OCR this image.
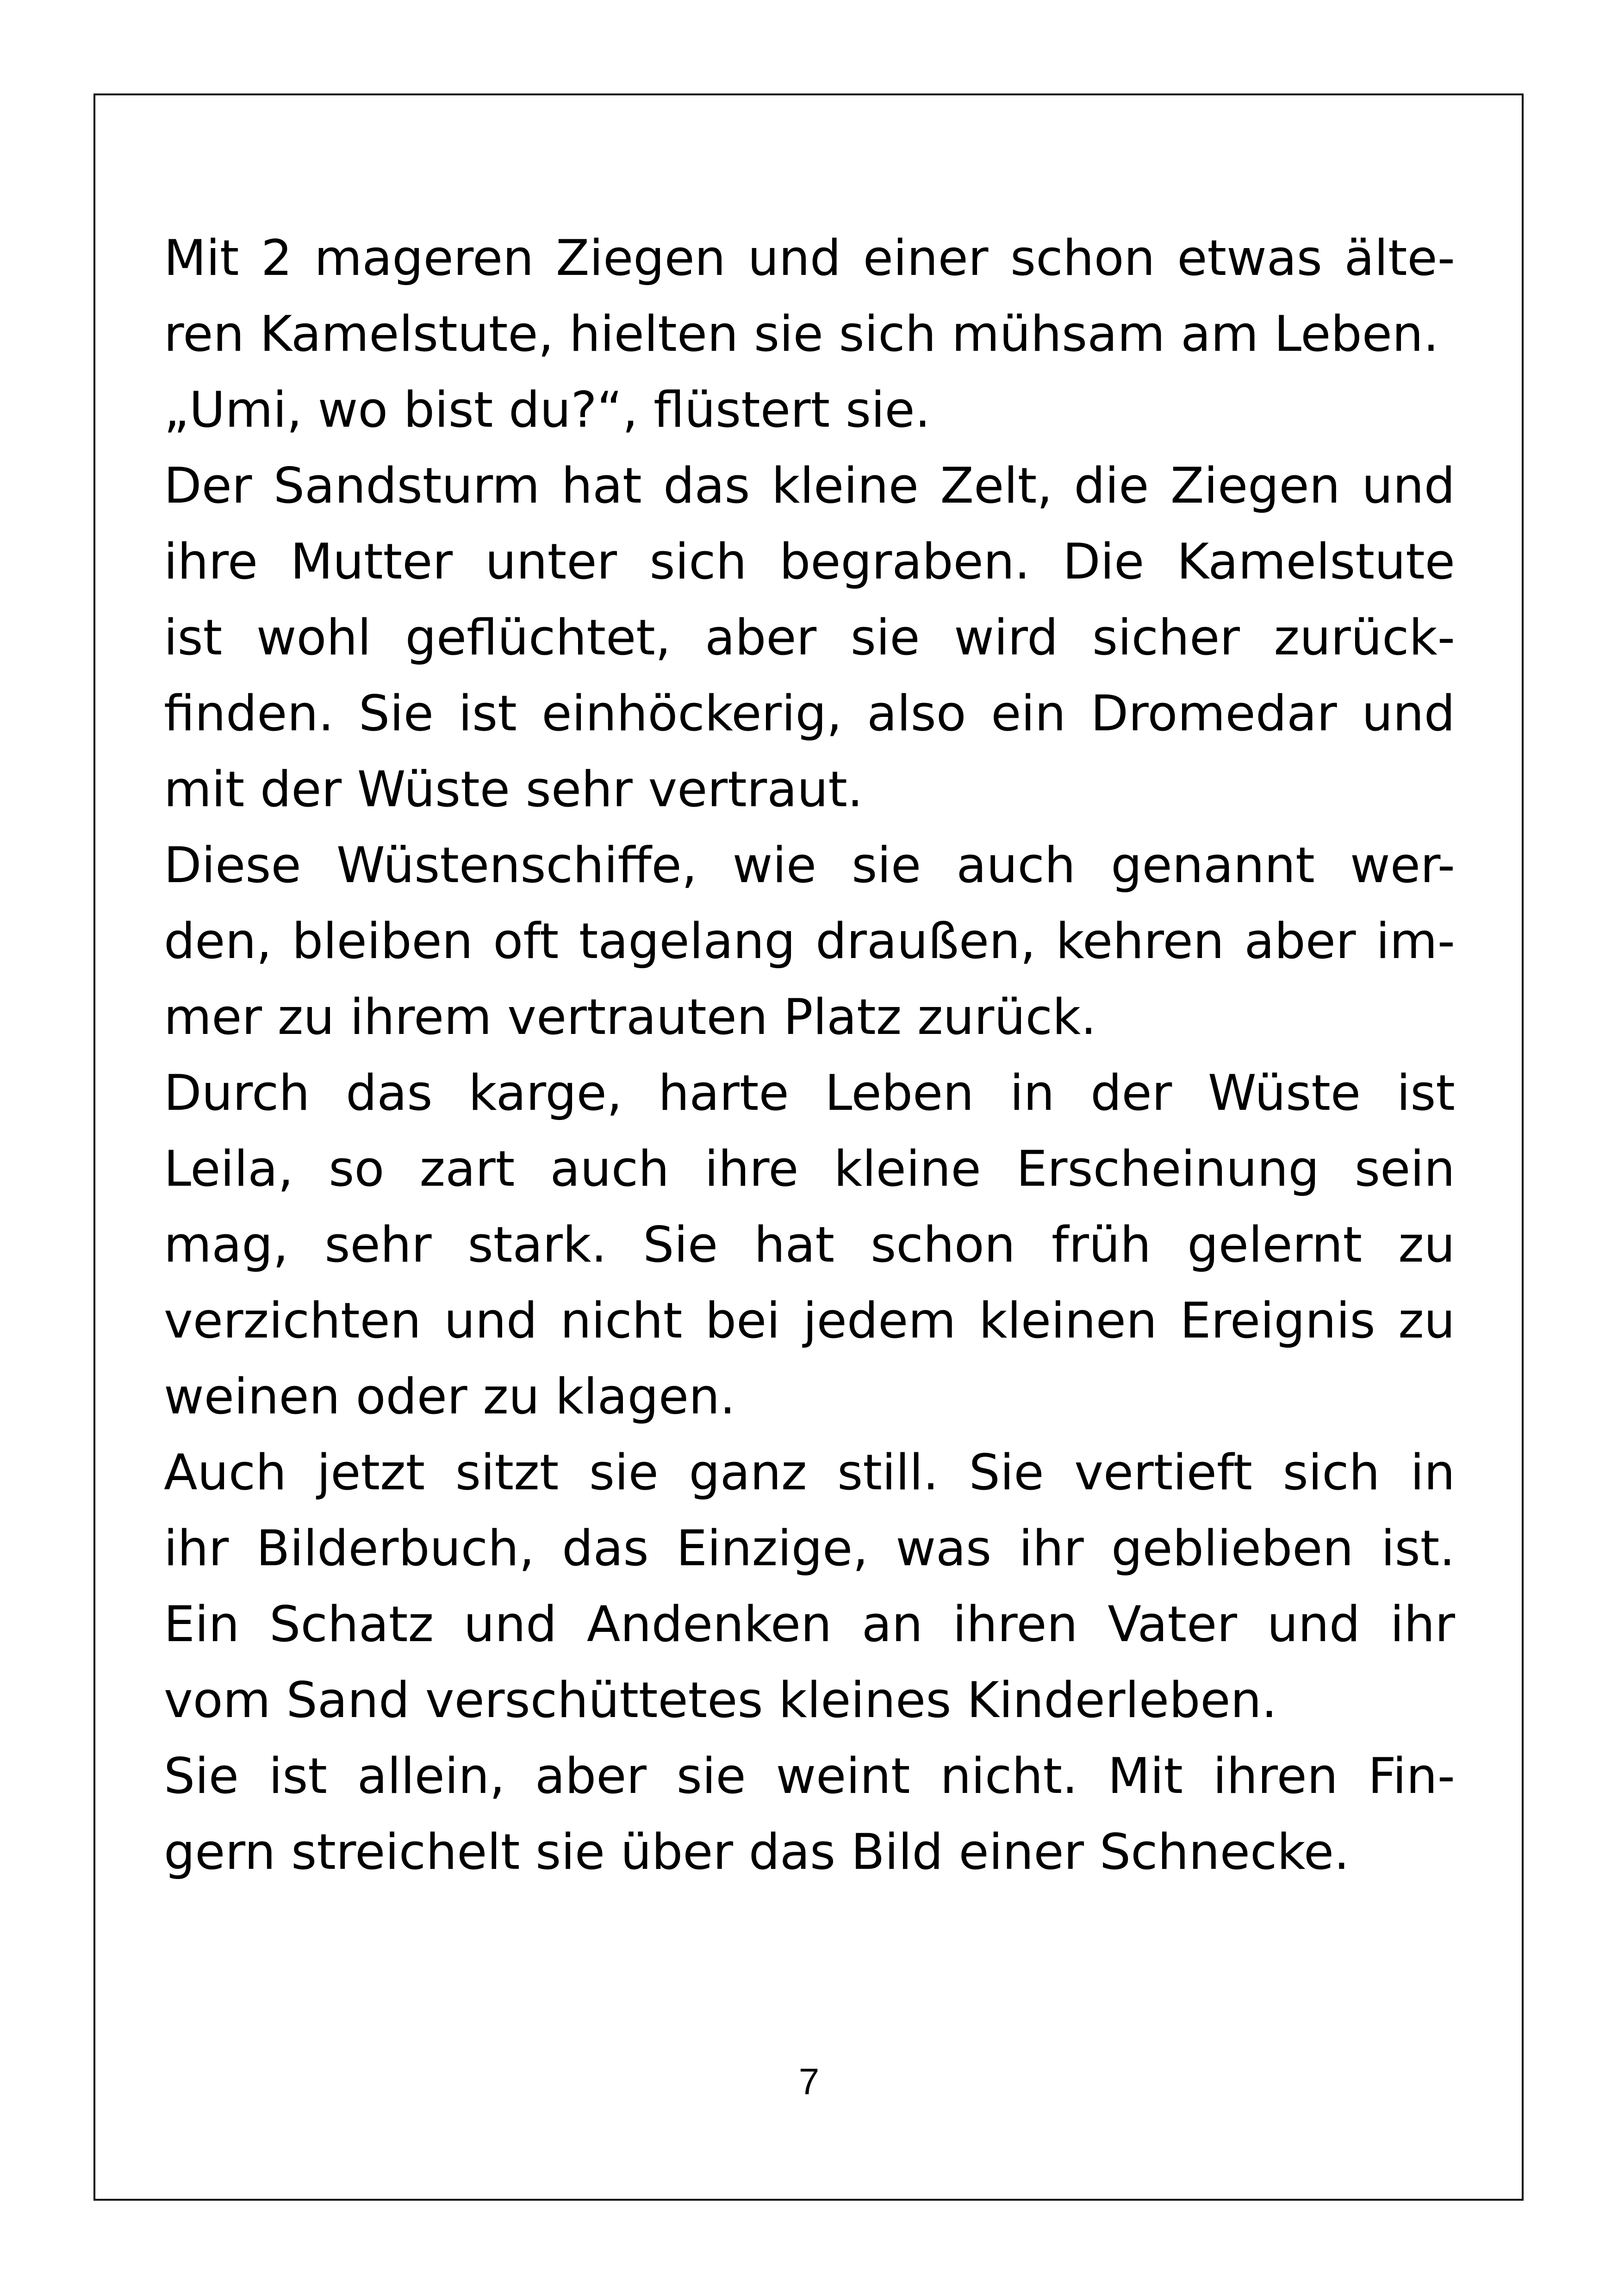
Mit 2 mageren Ziegen und einer schon etwas älte-
ren Kamelstute, hielten sie sich mühsam am Leben.
„Umi, wo bist du?“, flüstert sie.
Der Sandsturm hat das kleine Zelt, die Ziegen und
ihre Mutter unter sich begraben. Die Kamelstute
ist wohl geflüchtet, aber sie wird sicher zurück-
finden. Sie ist einhöckerig, also ein Dromedar und
mit der Wüste sehr vertraut.
Diese Wüstenschiffe, wie sie auch genannt wer-
den, bleiben oft tagelang draußen, kehren aber im-
mer zu ihrem vertrauten Platz zurück.
Durch das karge, harte Leben in der Wüste ist
Leila, so zart auch ihre kleine Erscheinung sein
mag, sehr stark. Sie hat schon früh gelernt zu
verzichten und nicht bei jedem kleinen Ereignis zu
weinen oder zu klagen.
Auch jetzt sitzt sie ganz still. Sie vertieft sich in
ihr Bilderbuch, das Einzige, was ihr geblieben ist.
Ein Schatz und Andenken an ihren Vater und ihr
vom Sand verschüttetes kleines Kinderleben.
Sie ist allein, aber sie weint nicht. Mit ihren Fin-
gern streichelt sie über das Bild einer Schnecke.
7
